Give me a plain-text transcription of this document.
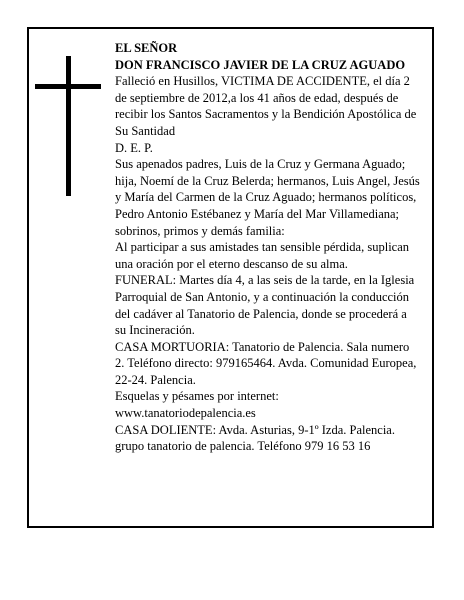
EL SEÑOR

DON FRANCISCO JAVIER DE LA CRUZ AGUADO

Falleció en Husillos, VICTIMA DE ACCIDENTE, el día 2 de septiembre de 2012,a los 41 años de edad, después de recibir los Santos Sacramentos y la Bendición Apostólica de Su Santidad

D. E. P.

Sus apenados padres, Luis de la Cruz y Germana Aguado; hija, Noemí de la Cruz Belerda; hermanos, Luis Angel, Jesús y María del Carmen de la Cruz Aguado; hermanos políticos, Pedro Antonio Estébanez y María del Mar Villamediana; sobrinos, primos y demás familia:

Al participar a sus amistades tan sensible pérdida, suplican una oración por el eterno descanso de su alma.

FUNERAL: Martes día 4, a las seis de la tarde, en la Iglesia Parroquial de San Antonio, y a continuación la conducción del cadáver al Tanatorio de Palencia, donde se procederá a su Incineración.

CASA MORTUORIA: Tanatorio de Palencia. Sala numero 2. Teléfono directo: 979165464. Avda. Comunidad Europea, 22-24. Palencia.

Esquelas y pésames por internet:

www.tanatoriodepalencia.es

CASA DOLIENTE: Avda. Asturias, 9-1º Izda. Palencia.

grupo tanatorio de palencia. Teléfono 979 16 53 16
